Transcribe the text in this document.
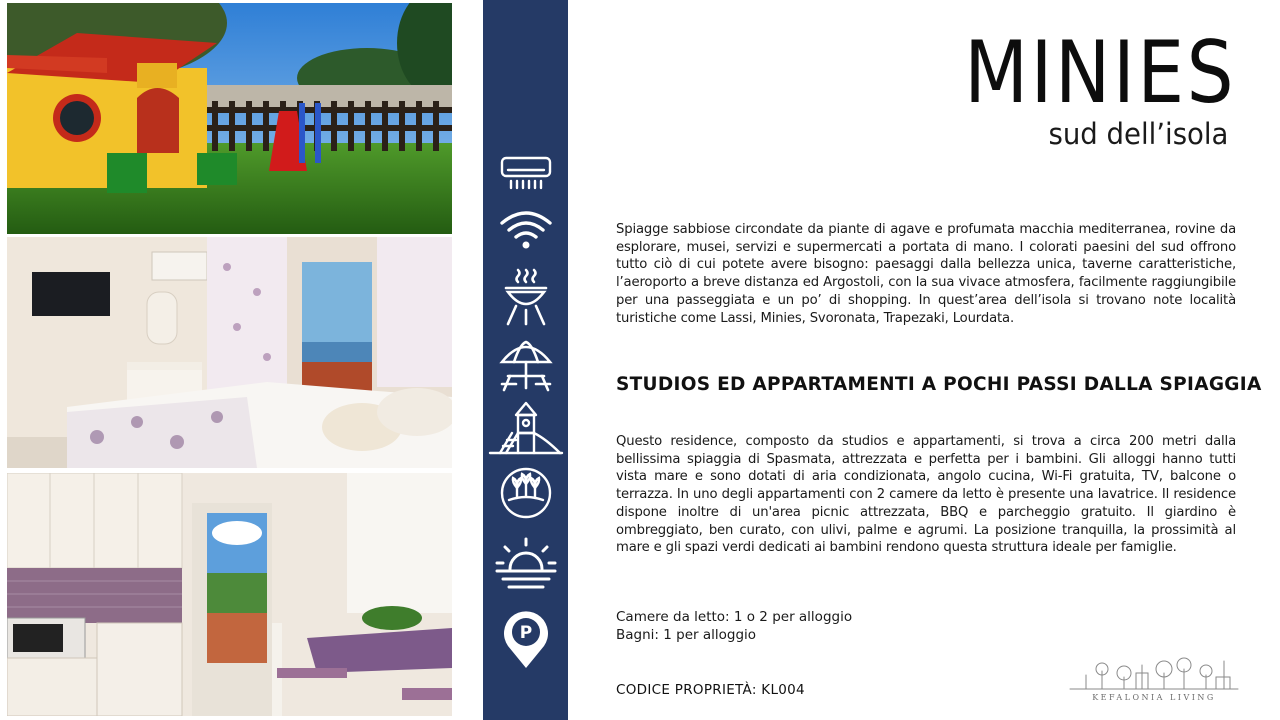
P
MINIES
sud dell’isola

Spiagge sabbiose circondate da piante di agave e profumata macchia mediterranea, rovine da esplorare, musei, servizi e supermercati a portata di mano. I colorati paesini del sud offrono tutto ciò di cui potete avere bisogno: paesaggi dalla bellezza unica, taverne caratteristiche, l’aeroporto a breve distanza ed Argostoli, con la sua vivace atmosfera, facilmente raggiungibile per una passeggiata e un po’ di shopping. In quest’area dell’isola si trovano note località turistiche come Lassi, Minies, Svoronata, Trapezaki, Lourdata.

STUDIOS ED APPARTAMENTI A POCHI PASSI DALLA SPIAGGIA

Questo residence, composto da studios e appartamenti, si trova a circa 200 metri dalla bellissima spiaggia di Spasmata, attrezzata e perfetta per i bambini. Gli alloggi hanno tutti vista mare e sono dotati di aria condizionata, angolo cucina, Wi-Fi gratuita, TV, balcone o terrazza. In uno degli appartamenti con 2 camere da letto è presente una lavatrice. Il residence dispone inoltre di un'area picnic attrezzata, BBQ e parcheggio gratuito. Il giardino è ombreggiato, ben curato, con ulivi, palme e agrumi. La posizione tranquilla, la prossimità al mare e gli spazi verdi dedicati ai bambini rendono questa struttura ideale per famiglie.

Camere da letto: 1 o 2 per alloggio
Bagni: 1 per alloggio
CODICE PROPRIETÀ: KL004	KEFALONIA LIVING
